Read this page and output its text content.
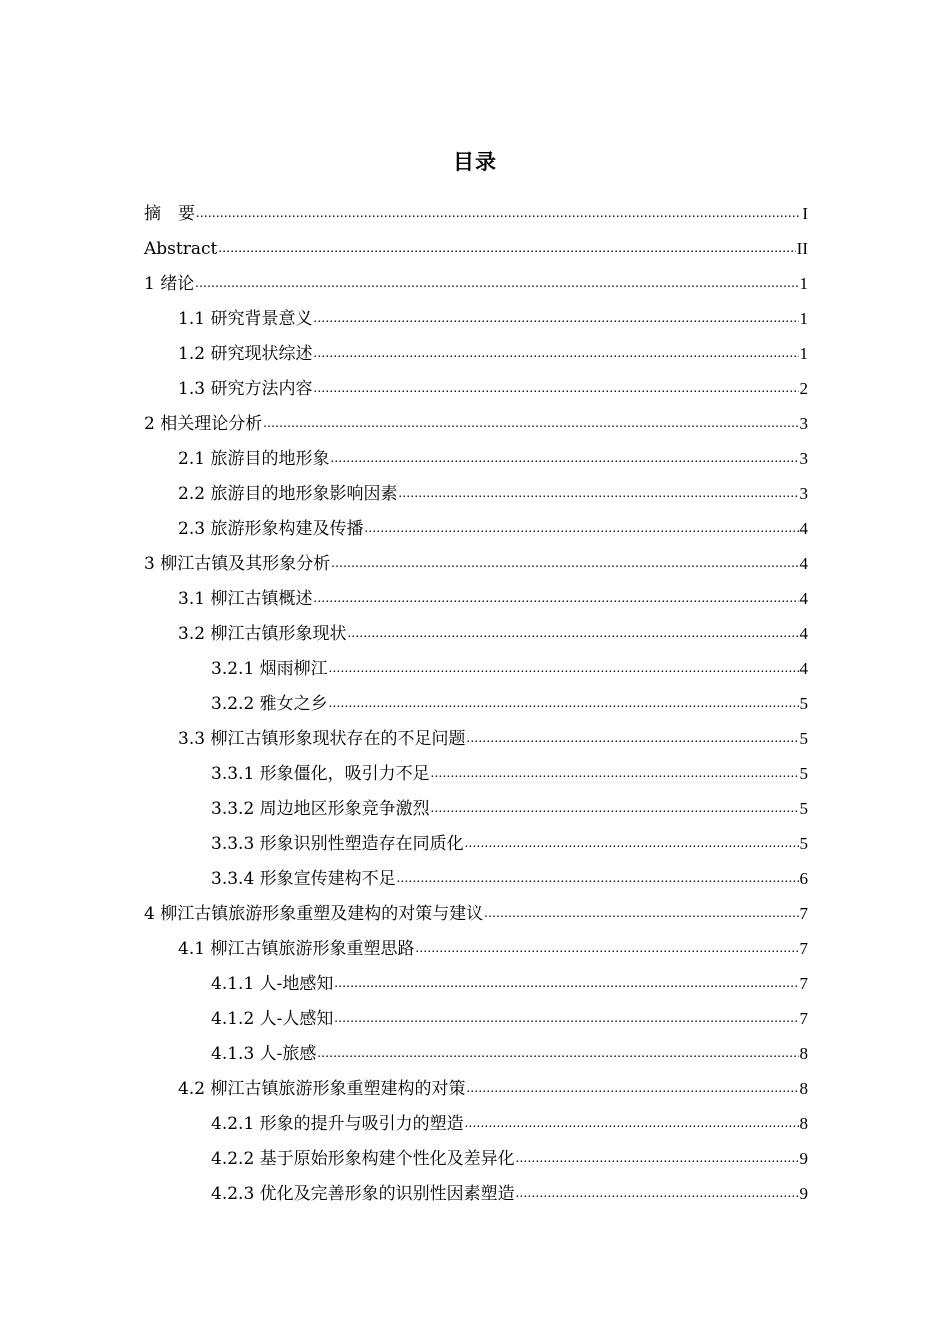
目录
摘　要 .....	I
Abstract .....	II
1 绪论 .....	1
1.1 研究背景意义 .....	1
1.2 研究现状综述 .....	1
1.3 研究方法内容 .....	2
2 相关理论分析 .....	3
2.1 旅游目的地形象 .....	3
2.2 旅游目的地形象影响因素 .....	3
2.3 旅游形象构建及传播 .....	4
3 柳江古镇及其形象分析 .....	4
3.1 柳江古镇概述 .....	4
3.2 柳江古镇形象现状 .....	4
3.2.1 烟雨柳江 .....	4
3.2.2 雅女之乡 .....	5
3.3 柳江古镇形象现状存在的不足问题 .....	5
3.3.1 形象僵化，吸引力不足 .....	5
3.3.2 周边地区形象竞争激烈 .....	5
3.3.3 形象识别性塑造存在同质化 .....	5
3.3.4 形象宣传建构不足 .....	6
4 柳江古镇旅游形象重塑及建构的对策与建议 .....	7
4.1 柳江古镇旅游形象重塑思路 .....	7
4.1.1 人-地感知 .....	7
4.1.2 人-人感知 .....	7
4.1.3 人-旅感 .....	8
4.2 柳江古镇旅游形象重塑建构的对策 .....	8
4.2.1 形象的提升与吸引力的塑造 .....	8
4.2.2 基于原始形象构建个性化及差异化 .....	9
4.2.3 优化及完善形象的识别性因素塑造 .....	9
